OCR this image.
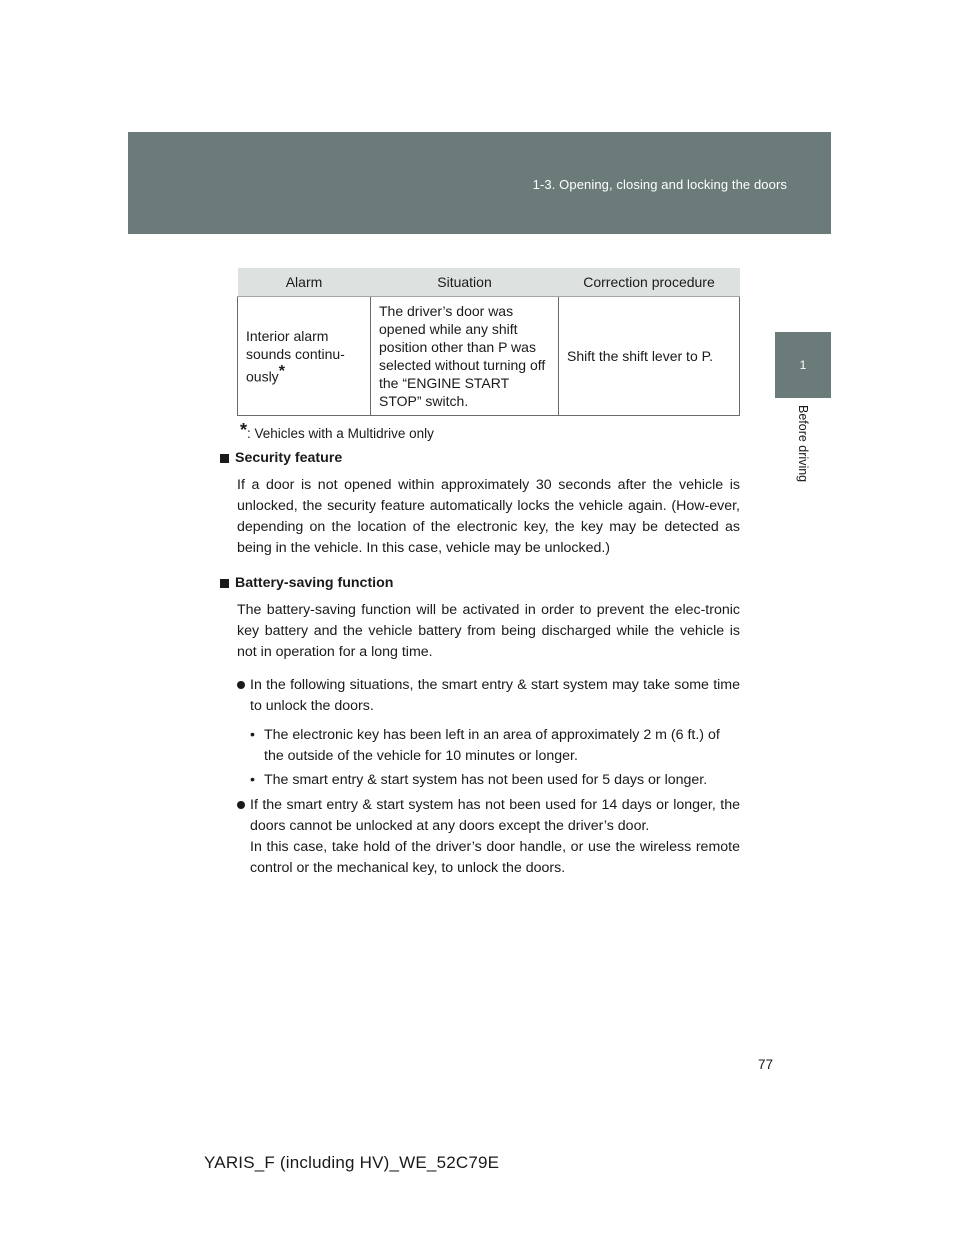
1-3. Opening, closing and locking the doors
1
Before driving
Alarm	Situation	Correction procedure
Interior alarm sounds continu-ously*	The driver’s door was opened while any shift position other than P was selected without turning off the “ENGINE START STOP” switch.	Shift the shift lever to P.
*: Vehicles with a Multidrive only

Security feature

If a door is not opened within approximately 30 seconds after the vehicle is unlocked, the security feature automatically locks the vehicle again. (How-ever, depending on the location of the electronic key, the key may be detected as being in the vehicle. In this case, vehicle may be unlocked.)

Battery-saving function

The battery-saving function will be activated in order to prevent the elec-tronic key battery and the vehicle battery from being discharged while the vehicle is not in operation for a long time.

In the following situations, the smart entry & start system may take some time to unlock the doors.
• The electronic key has been left in an area of approximately 2 m (6 ft.) of the outside of the vehicle for 10 minutes or longer.
• The smart entry & start system has not been used for 5 days or longer.
If the smart entry & start system has not been used for 14 days or longer, the doors cannot be unlocked at any doors except the driver’s door.
In this case, take hold of the driver’s door handle, or use the wireless remote control or the mechanical key, to unlock the doors.
77
YARIS_F (including HV)_WE_52C79E
